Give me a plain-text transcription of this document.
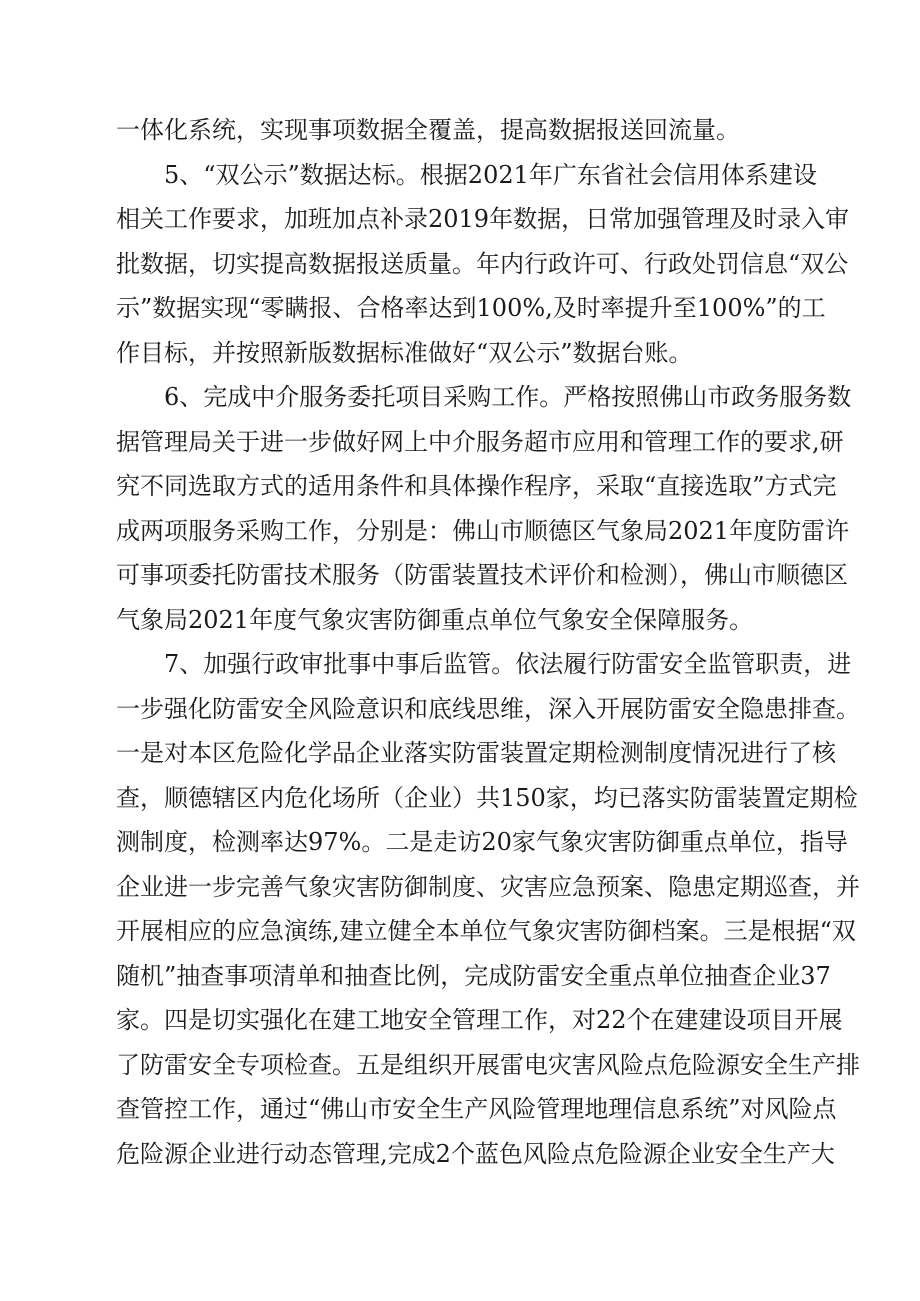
一体化系统，实现事项数据全覆盖，提高数据报送回流量。
5、“双公示”数据达标。根据2021年广东省社会信用体系建设
相关工作要求，加班加点补录2019年数据，日常加强管理及时录入审
批数据，切实提高数据报送质量。年内行政许可、行政处罚信息“双公
示”数据实现“零瞒报、合格率达到100%,及时率提升至100%”的工
作目标，并按照新版数据标准做好“双公示”数据台账。
6、完成中介服务委托项目采购工作。严格按照佛山市政务服务数
据管理局关于进一步做好网上中介服务超市应用和管理工作的要求,研
究不同选取方式的适用条件和具体操作程序，采取“直接选取”方式完
成两项服务采购工作，分别是：佛山市顺德区气象局2021年度防雷许
可事项委托防雷技术服务（防雷装置技术评价和检测），佛山市顺德区
气象局2021年度气象灾害防御重点单位气象安全保障服务。
7、加强行政审批事中事后监管。依法履行防雷安全监管职责，进
一步强化防雷安全风险意识和底线思维，深入开展防雷安全隐患排查。
一是对本区危险化学品企业落实防雷装置定期检测制度情况进行了核
查，顺德辖区内危化场所（企业）共150家，均已落实防雷装置定期检
测制度，检测率达97%。二是走访20家气象灾害防御重点单位，指导
企业进一步完善气象灾害防御制度、灾害应急预案、隐患定期巡查，并
开展相应的应急演练,建立健全本单位气象灾害防御档案。三是根据“双
随机”抽查事项清单和抽查比例，完成防雷安全重点单位抽查企业37
家。四是切实强化在建工地安全管理工作，对22个在建建设项目开展
了防雷安全专项检查。五是组织开展雷电灾害风险点危险源安全生产排
查管控工作，通过“佛山市安全生产风险管理地理信息系统”对风险点
危险源企业进行动态管理,完成2个蓝色风险点危险源企业安全生产大
